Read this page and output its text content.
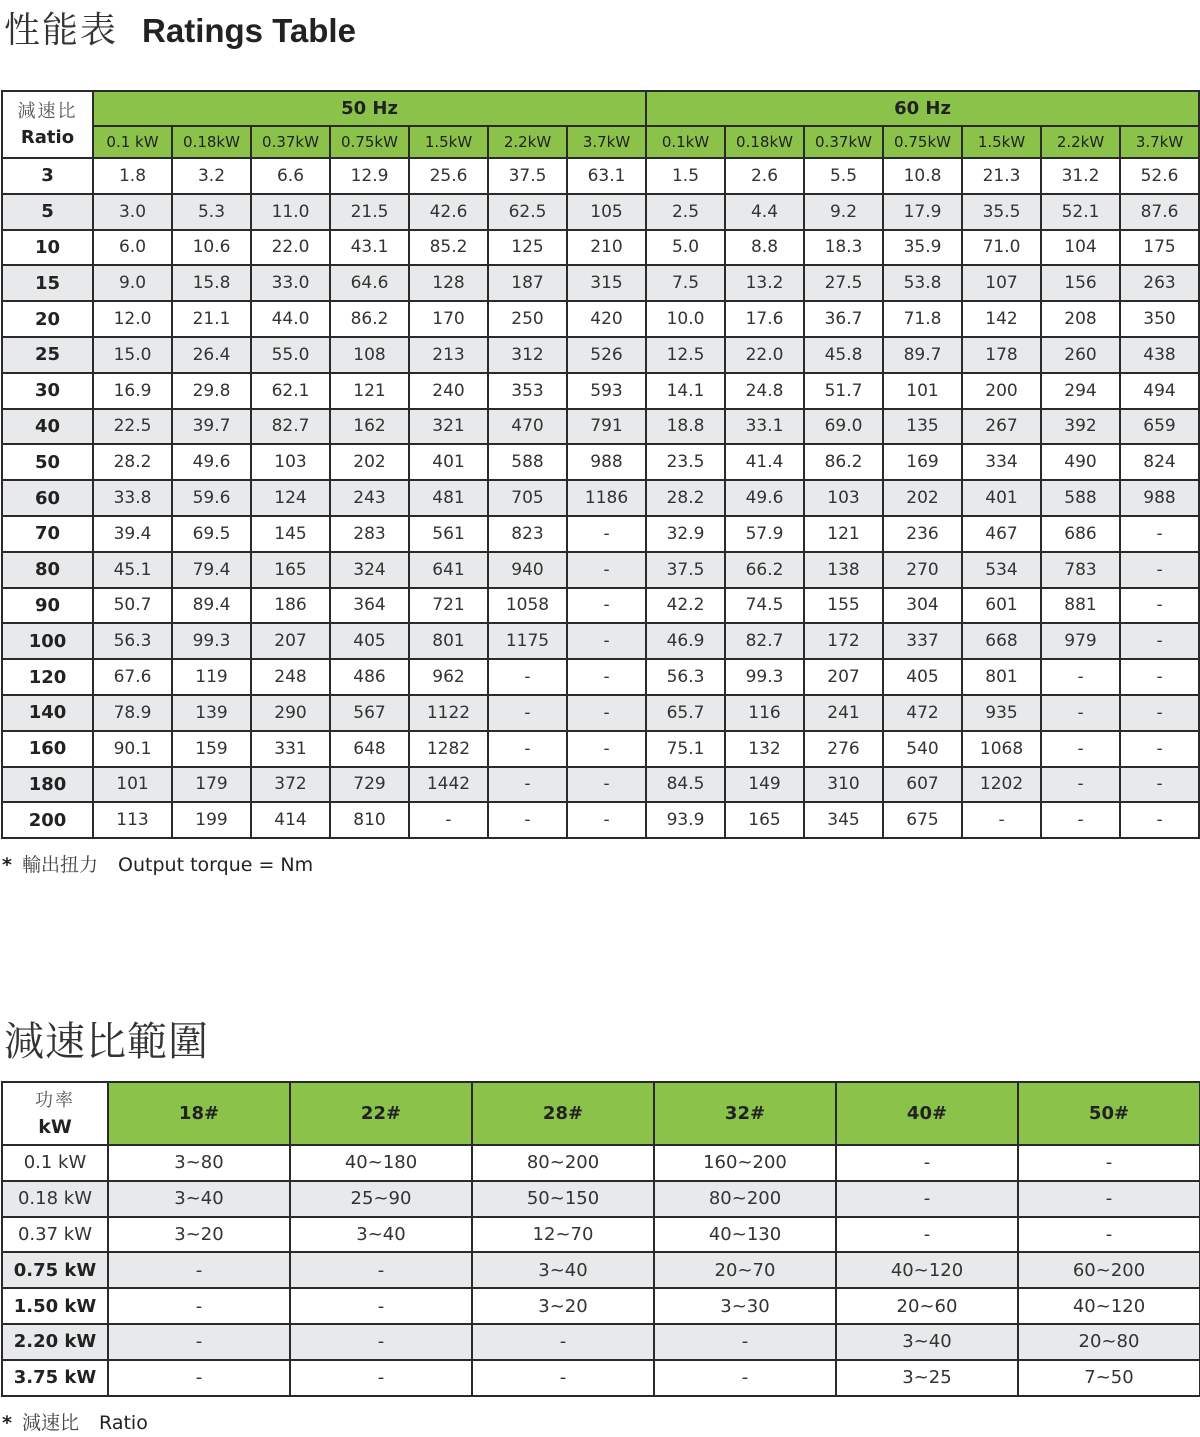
性能表 Ratings Table
減速比
Ratio	50 Hz							60 Hz						
	0.1 kW	0.18kW	0.37kW	0.75kW	1.5kW	2.2kW	3.7kW	0.1kW	0.18kW	0.37kW	0.75kW	1.5kW	2.2kW	3.7kW
3	1.8	3.2	6.6	12.9	25.6	37.5	63.1	1.5	2.6	5.5	10.8	21.3	31.2	52.6
5	3.0	5.3	11.0	21.5	42.6	62.5	105	2.5	4.4	9.2	17.9	35.5	52.1	87.6
10	6.0	10.6	22.0	43.1	85.2	125	210	5.0	8.8	18.3	35.9	71.0	104	175
15	9.0	15.8	33.0	64.6	128	187	315	7.5	13.2	27.5	53.8	107	156	263
20	12.0	21.1	44.0	86.2	170	250	420	10.0	17.6	36.7	71.8	142	208	350
25	15.0	26.4	55.0	108	213	312	526	12.5	22.0	45.8	89.7	178	260	438
30	16.9	29.8	62.1	121	240	353	593	14.1	24.8	51.7	101	200	294	494
40	22.5	39.7	82.7	162	321	470	791	18.8	33.1	69.0	135	267	392	659
50	28.2	49.6	103	202	401	588	988	23.5	41.4	86.2	169	334	490	824
60	33.8	59.6	124	243	481	705	1186	28.2	49.6	103	202	401	588	988
70	39.4	69.5	145	283	561	823	-	32.9	57.9	121	236	467	686	-
80	45.1	79.4	165	324	641	940	-	37.5	66.2	138	270	534	783	-
90	50.7	89.4	186	364	721	1058	-	42.2	74.5	155	304	601	881	-
100	56.3	99.3	207	405	801	1175	-	46.9	82.7	172	337	668	979	-
120	67.6	119	248	486	962	-	-	56.3	99.3	207	405	801	-	-
140	78.9	139	290	567	1122	-	-	65.7	116	241	472	935	-	-
160	90.1	159	331	648	1282	-	-	75.1	132	276	540	1068	-	-
180	101	179	372	729	1442	-	-	84.5	149	310	607	1202	-	-
200	113	199	414	810	-	-	-	93.9	165	345	675	-	-	-
* 輸出扭力 Output torque = Nm
減速比範圍
功率
kW	18#	22#	28#	32#	40#	50#
0.1 kW	3~80	40~180	80~200	160~200	-	-
0.18 kW	3~40	25~90	50~150	80~200	-	-
0.37 kW	3~20	3~40	12~70	40~130	-	-
0.75 kW	-	-	3~40	20~70	40~120	60~200
1.50 kW	-	-	3~20	3~30	20~60	40~120
2.20 kW	-	-	-	-	3~40	20~80
3.75 kW	-	-	-	-	3~25	7~50
* 減速比 Ratio
